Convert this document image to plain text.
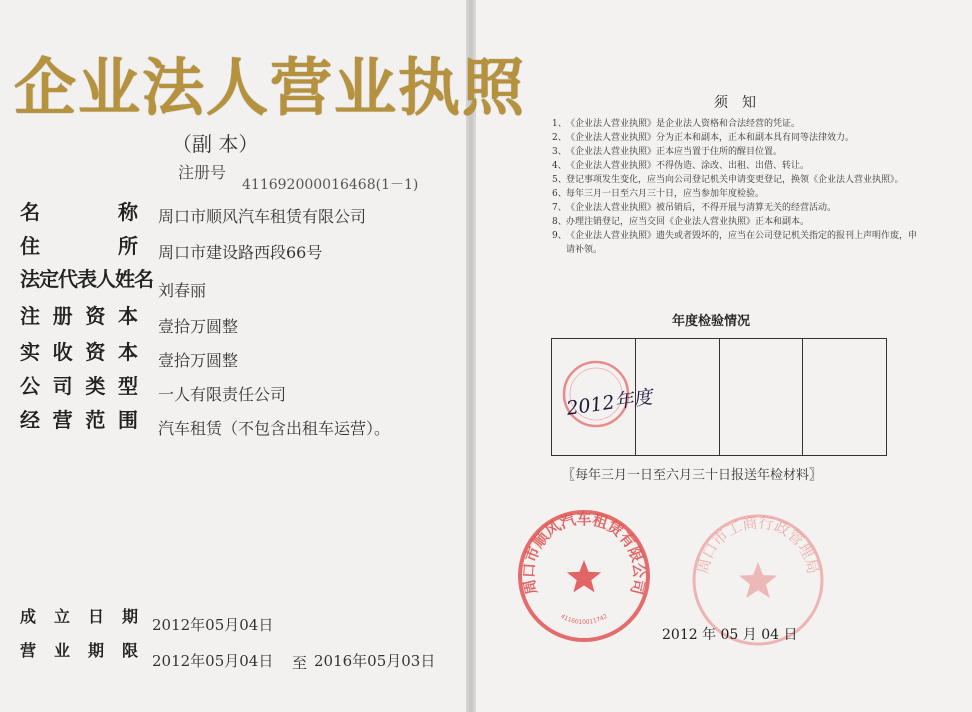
企业法人营业执照
（副 本）
注册号
411692000016468(1－1)
名	称 周口市顺风汽车租赁有限公司
住	所 周口市建设路西段66号
法定代表人姓名 刘春丽
注 册 资 本 壹拾万圆整
实 收 资 本 壹拾万圆整
公 司 类 型 一人有限责任公司
经 营 范 围 汽车租赁（不包含出租车运营）。
成 立 日 期 2012年05月04日
营 业 期 限
2012年05月04日 至 2016年05月03日
须知
1、 《企业法人营业执照》是企业法人资格和合法经营的凭证。
2、 《企业法人营业执照》分为正本和副本，正本和副本具有同等法律效力。
3、 《企业法人营业执照》正本应当置于住所的醒目位置。
4、 《企业法人营业执照》不得伪造、涂改、出租、出借、转让。
5、 登记事项发生变化，应当向公司登记机关申请变更登记，换领《企业法人营业执照》。
6、 每年三月一日至六月三十日，应当参加年度检验。
7、 《企业法人营业执照》被吊销后，不得开展与清算无关的经营活动。
8、 办理注销登记，应当交回《企业法人营业执照》正本和副本。
9、 《企业法人营业执照》遗失或者毁坏的，应当在公司登记机关指定的报刊上声明作废，申请补领。
年度检验情况
2012年度
〖每年三月一日至六月三十日报送年检材料〗
周口市顺风汽车租赁有限公司
4116010011742
周口市工商行政管理局
2012 年 05 月 04 日
